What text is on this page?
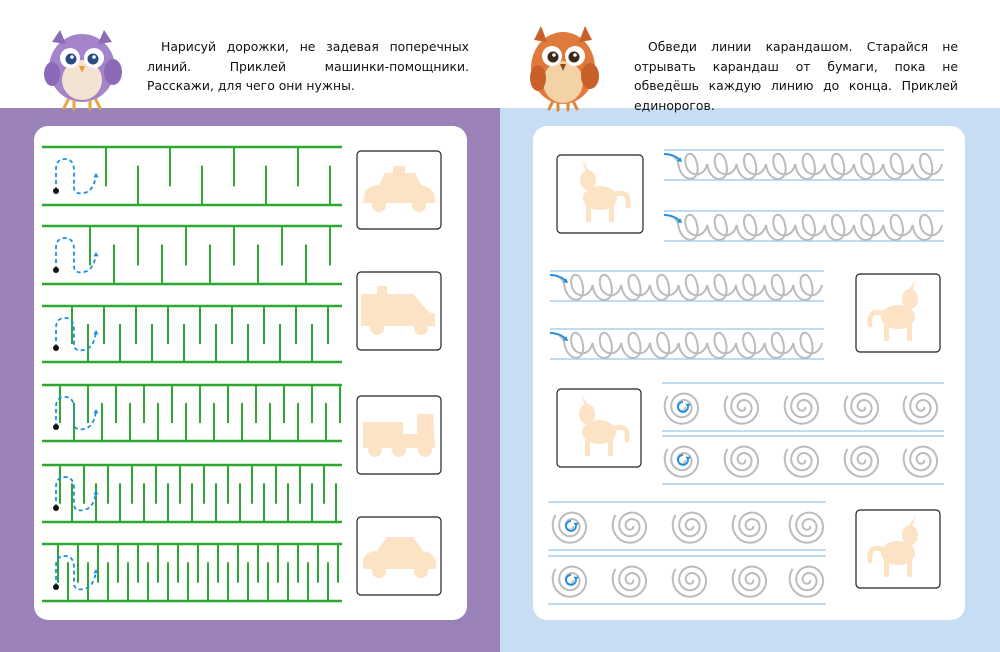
Нарисуй дорожки, не задевая поперечных линий. Приклей машинки-помощники. Расскажи, для чего они нужны.
Обведи линии карандашом. Старайся не отрывать карандаш от бумаги, пока не обведёшь каждую линию до конца. Приклей единорогов.
